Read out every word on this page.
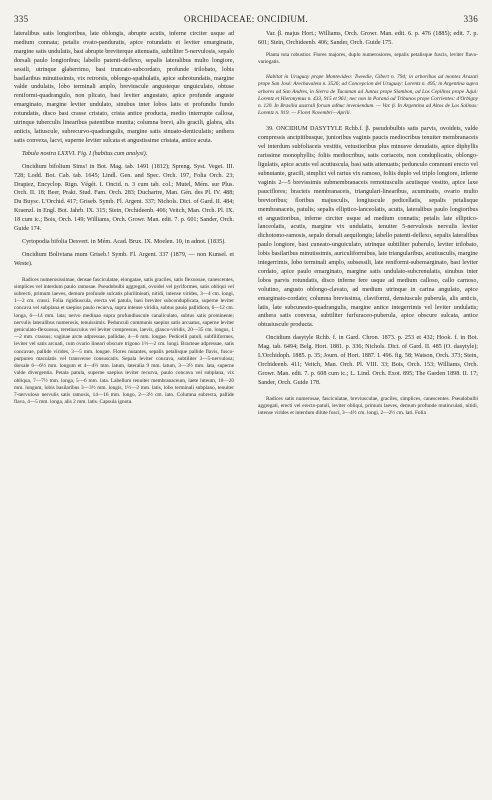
335	ORCHIDACEAE: ONCIDIUM.	336

lateralibus satis longioribus, late oblongis, abrupte acutis, inferne circiter usque ad medium connata; petalis ovato-panduratis, apice rotundatis et leviter emarginatis, margine satis undulatis, basi abrupte breviterque attenuatis, subtiliter 5-nervulosis, sepalo dorsali paulo longioribus; labello patenti-deflexo, sepalis lateralibus multo longiore, sessili, utrinque glaberrimo, basi truncato-subcordato, profunde trilobato, lobis basilaribus minutissimis, vix retrorsis, oblongo-spathulatis, apice subrotundatis, margine valde undulatis, lobo terminali amplo, breviuscule angusteque unguiculato, obtuse reniformi-quadrangulo, non plicato, basi leviter angustato, apice profunde anguste emarginato, margine leviter undulato, sinubus inter lobos latis et profundis fundo rotundatis, disco basi crasse cristato, crista antice producta, medio interrupte callosa, utrinque tuberculis linearibus patentibus munita; columna brevi, alis gracili, glabra, alis anticis, latiuscule, subrecurvo-quadrangulis, margine satis sinuato-denticulatis; anthera satis convexa, lacvi, superne leviter sulcata et angustissime cristata, antice acuta.

Tabula nostra LXXVI. Fig. I (habitus cum analysi).

Oncidium bifolium Sims! in Bot. Mag. tab. 1491 (1812); Spreng. Syst. Veget. III. 728; Lodd. Bot. Cab. tab. 1645; Lindl. Gen. and Spec. Orch. 197, Folia Orch. 23; Drapiez, Encyclop. Rign. Végét. I. Oncid. n. 3 cum tab. col.; Mutel, Mém. sur Plus. Orch. II. 18; Beer, Prakt. Stud. Fam. Orch. 283; Duchartre, Man. Gén. des Pl. IV. 488; Du Buysc. L'Orchid. 417; Griseb. Symb. Fl. Argent. 337; Nichols. Dict. of Gard. II. 484; Kraenzl. in Engl. Bot. Jahrb. IX. 315; Stein, Orchideenb. 406; Veitch, Man. Orch. Pl. IX. 18 cum ic.; Bois, Orch. 149; Williams, Orch. Growr. Man. edit. 7. p. 601; Sander, Orch. Guide 174.

Cyrtopodia bifolia Desvert. in Mém. Acad. Brux. IX. Moelen. 10, in adnot. (1835).

Oncidium Boliviana mum Griseb.! Symb. Fl. Argent. 337 (1879, — non Kunsel. et Weste).

Radices numerosissimae, densae fasciculatae, elongatae, satis graciles, satis flexuosae, canescentes, simplices vel interdum paulo ramosae. Pseudobulbi aggregati, ovoidei vel pyriformes, satis obliqui vel subrecti, primum laeves, demum profunde sulcatis plurilinieati, nitidi, intense virides, 3—4 cm. longi, 1—2 cm. crassi. Folia rigidiuscula, erecta vel patula, basi breviter subconduplicata, superne leviter concava vel subplana et saepius paulo recurva, supra intense viridia, subtus paulo pallidiora, 6—12 cm. longa, 6—14 mm. lata; nervo medinao supra profundiuscule canaliculato, subtus satis prominente; nervulis lateralibus numerosis, tenuissimis. Pedunculi communis saepius satis arcuatus, superne leviter geniculato-flexuosus, teretiusculus vel leviter compressus, laevis, glauco-viridis, 20—35 cm. longus, 1—2 mm. crassus; vaginae arcte adpressae, pallidae, 4—6 mm. longae. Pedicelli patuli, subfiliformes, leviter vel satis arcuati, cum ovario lineari obscure trigono 1½—2 cm. longi. Bracteae adpressae, satis concavae, pallide virides, 3—5 mm. longae. Flores nutantes, sepalis petalisque pallide flavis, fusco-purpureo maculatis vel transverse consuscatis. Sepala leviter concava, subtiliter 3—5-nervulosa; dorsale 6—6½ mm. longum et 4—4½ mm. latum, lateralia 9 mm. latum, 3—3½ mm. lata, superne valde divergentia. Petala patula, superne saepius leviter recurva, paulo concava vel subplana, vix obliqua, 7—7½ mm. longa, 5—6 mm. lata. Labellum tenuiter membranaceum, laete luteum, 18—20 mm. longum, lobis basilaribus 3—3½ mm. longis, 1½—2 mm. latis, lobo terminali subplano, tenuiter 7-nervuloso nervulis satis ramosis, 14—16 mm. longo, 2—3½ cm. lato. Columna subrecta, pallide flava, 4—5 mm. longa, alis 2 mm. latis. Capsula ignota.

Var. β. majus Hort.; Williams, Orch. Growr. Man. edit. 6. p. 476 (1885); edit. 7. p. 601; Stein, Orchideenb. 406; Sander, Orch. Guide 175.

Planta tota robustior. Flores majores, duplo numerosiores, sepalis petalisque fuscis, leviter flavo-variegatis.

Habitat in Uruguay prope Montevideo: Tweedie, Gibert n. 794; in arboribus ad montes Arazati prope San José: Arechavaleta n. 3526; ad Concepcion del Uruguay: Lorentz n. 495; in Argentina supra arbores ad San Andres, in Sierra de Tucuman ad Juntas prope Siambon, ad Los Cepilitos prope Jujui: Lorentz et Hieronymus n. 433, 915 et 961; nec non in Paraná ad Tribunos prope Corrientes: d'Orbigny n. 120. In Brasilia australi forsan adhuc inveniendum. — Var. β. In Argentina ad Altos de Los Salinas: Lorentz n. 919. — Floret Novembri—Aprili.

39. ONCIDIUM DASYTYLE Rchb.f. β. pseudobulbis satis parvis, ovoideis, valde compressis ancipitibusque, junioribus vaginis paucis mediocribus tenuiter membranaceis vel interdum subfoliaceis vestitis, vetustioribus plus minusve denudatis, apice diphyllis rarissime monophyllis; foliis mediocribus, satis coriaceis, non conduplicatis, oblongo-ligulatis, apice acutis vel acutiuscula, basi satis attenuatis; pedunculo communi erecto vel subnutante, gracili, simplici vel rarius vix ramoso, foliis duplo vel triplo longiore, inferne vaginis 2—5 brevissimis submembranaceis remotiusculis acutisque vestito, apice laxe pauciflores; bracteis membranaceis, triangulari-linearibus, acuminatis, ovario multo brevioribus; floribus majusculis, longiuscule pedicellatis, sepalis petalisque membranaceis, patulis; sepalis elliptico-lanceolatis, acutis, lateralibus paulo longioribus et angustioribus, inferne circiter usque ad medium connatis; petalis late elliptico-lanceolatis, acutis, margine vix undulatis, tenuiter 5-nervulosis nervulis leviter dichotomo-ramosis, sepalo dorsali aequilongis; labello patenti-deflexo, sepalis lateralibus paulo longiore, basi cuneato-unguiculato, utrinque subtiliter puberulo, leviter trilobato, lobis basilaribus minutissimis, auriculiformibus, late triangularibus, acutiusculis, margine integerrimis, lobo terminali amplo, subsessili, late reniformi-subemarginato, basi leviter cordato, apice paulo emarginato, margine satis undulato-subcrenulatis, sinubus inter lobos parvis rotundatis, disco inferne fere usque ad medium calloso, callo carnoso, volutino, angusto oblongo-clavato, ad medium utrinque in carina angulato, apice emarginato-cordato; columna brevissima, claviformi, densiuscule puberula, alis anticis, latis, late subcuneato-quadrangulis, margine antice integerrimis vel leviter undulatis; anthera satis convexa, subtiliter furfuraceo-puberula, apice obscure sulcata, antice obtusiuscule producta.

Oncidium dasytyle Rchb. f. in Gard. Chron. 1873. p. 253 et 432; Hook. f. in Bot. Mag. tab. 6494; Belg. Hort. 1881. p. 336; Nichols. Dict. of Gard. II. 485 (O. dasytyle); L'Orchidoph. 1885. p. 35; Journ. of Hort. 1887. I. 496. fig. 58; Watson, Orch. 373; Stein, Orchideenb. 411; Veitch, Man. Orch. Pl. VIII. 33; Bois, Orch. 153; Williams, Orch. Growr. Man. edit. 7. p. 608 cum ic.; L. Lind. Orch. Exot. 895; The Garden 1898. II. 17; Sander, Orch. Guide 178.

Radices satis numerosae, fasciculatae, breviusculae, graciles, simplices, canescentes. Pseudobulbi aggregati, erecti vel erecto-patuli, leviter obliqui, primum laeves, demum profunde mutinculati, nitidi, intense virides et interdum dilute fusci, 3—4½ cm. longi, 2—2½ cm. lati. Folia
